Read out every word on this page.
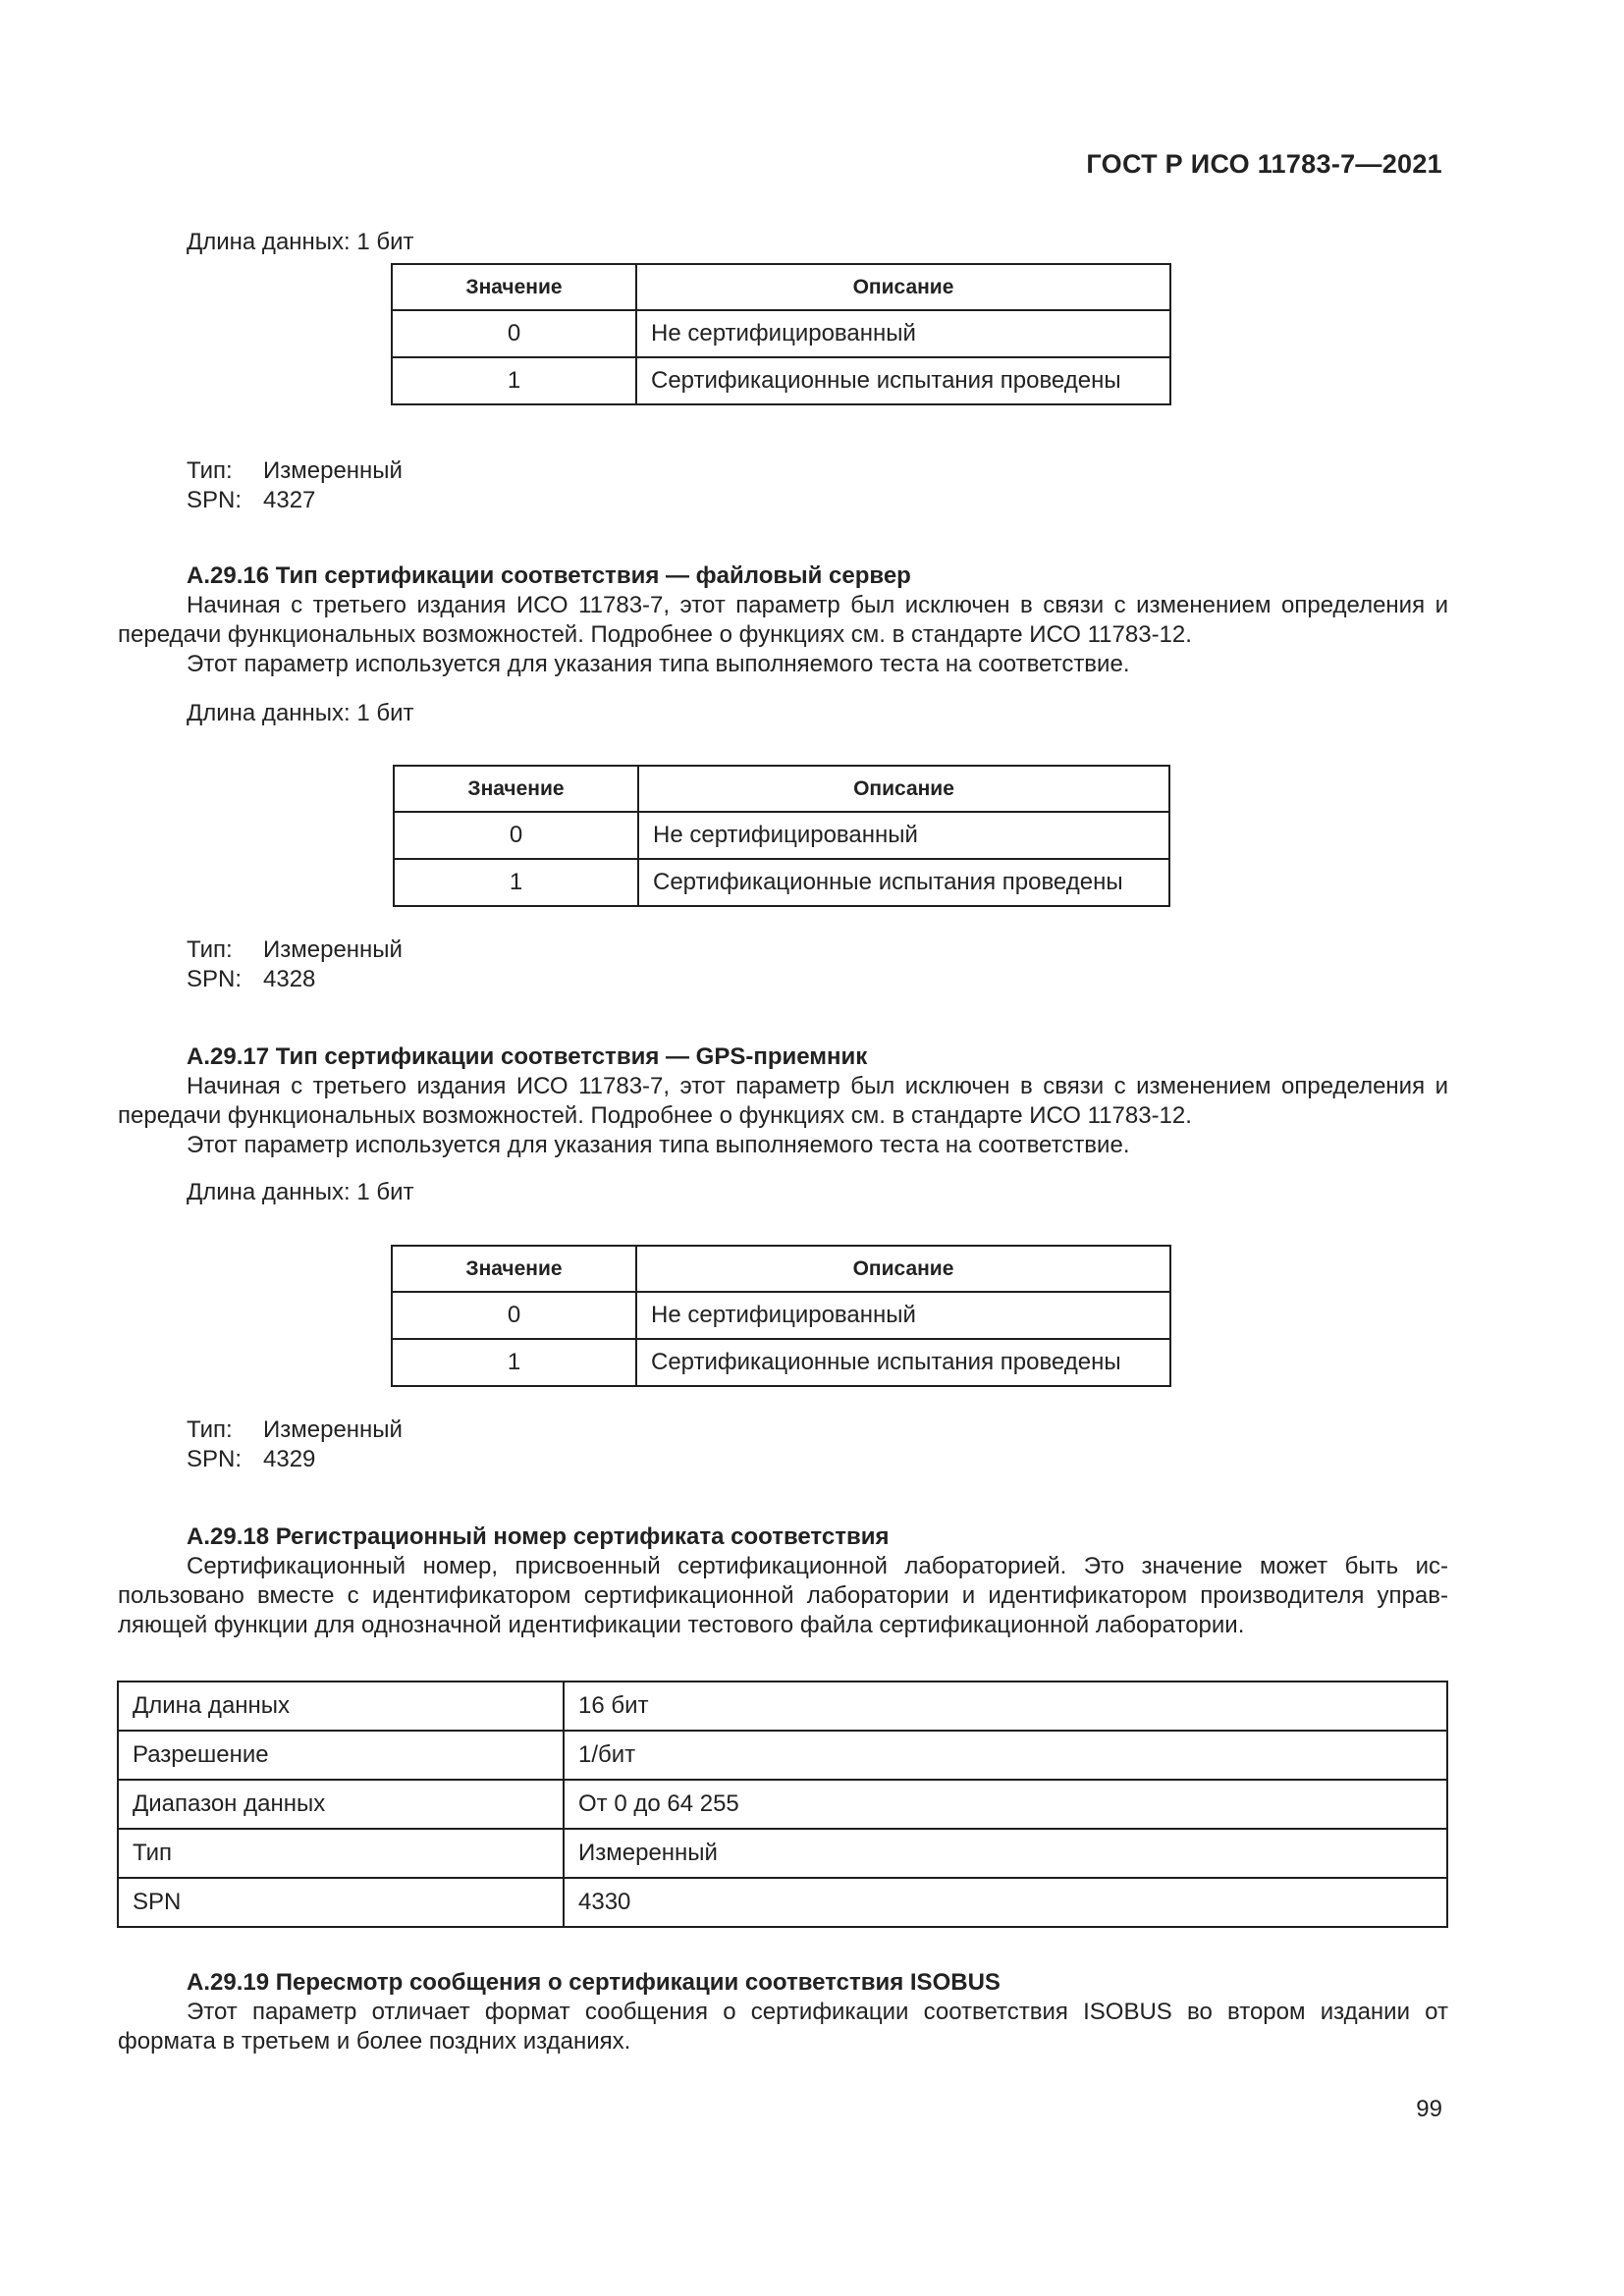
ГОСТ Р ИСО 11783-7—2021
Длина данных: 1 бит
Значение	Описание
0	Не сертифицированный
1	Сертификационные испытания проведены
Тип:	Измеренный
SPN: 4327
А.29.16 Тип сертификации соответствия — файловый сервер

Начиная с третьего издания ИСО 11783-7, этот параметр был исключен в связи с изменением определения и передачи функциональных возможностей. Подробнее о функциях см. в стандарте ИСО 11783-12.

Этот параметр используется для указания типа выполняемого теста на соответствие.

Длина данных: 1 бит
Значение	Описание
0	Не сертифицированный
1	Сертификационные испытания проведены
Тип:	Измеренный
SPN: 4328
А.29.17 Тип сертификации соответствия — GPS-приемник

Начиная с третьего издания ИСО 11783-7, этот параметр был исключен в связи с изменением определения и передачи функциональных возможностей. Подробнее о функциях см. в стандарте ИСО 11783-12.

Этот параметр используется для указания типа выполняемого теста на соответствие.

Длина данных: 1 бит
Значение	Описание
0	Не сертифицированный
1	Сертификационные испытания проведены
Тип:	Измеренный
SPN: 4329
А.29.18 Регистрационный номер сертификата соответствия

Сертификационный номер, присвоенный сертификационной лабораторией. Это значение может быть ис-

пользовано вместе с идентификатором сертификационной лаборатории и идентификатором производителя управ-

ляющей функции для однозначной идентификации тестового файла сертификационной лаборатории.

Длина данных	16 бит
Разрешение	1/бит
Диапазон данных	От 0 до 64 255
Тип	Измеренный
SPN	4330
А.29.19 Пересмотр сообщения о сертификации соответствия ISOBUS

Этот параметр отличает формат сообщения о сертификации соответствия ISOBUS во втором издании от формата в третьем и более поздних изданиях.

99
